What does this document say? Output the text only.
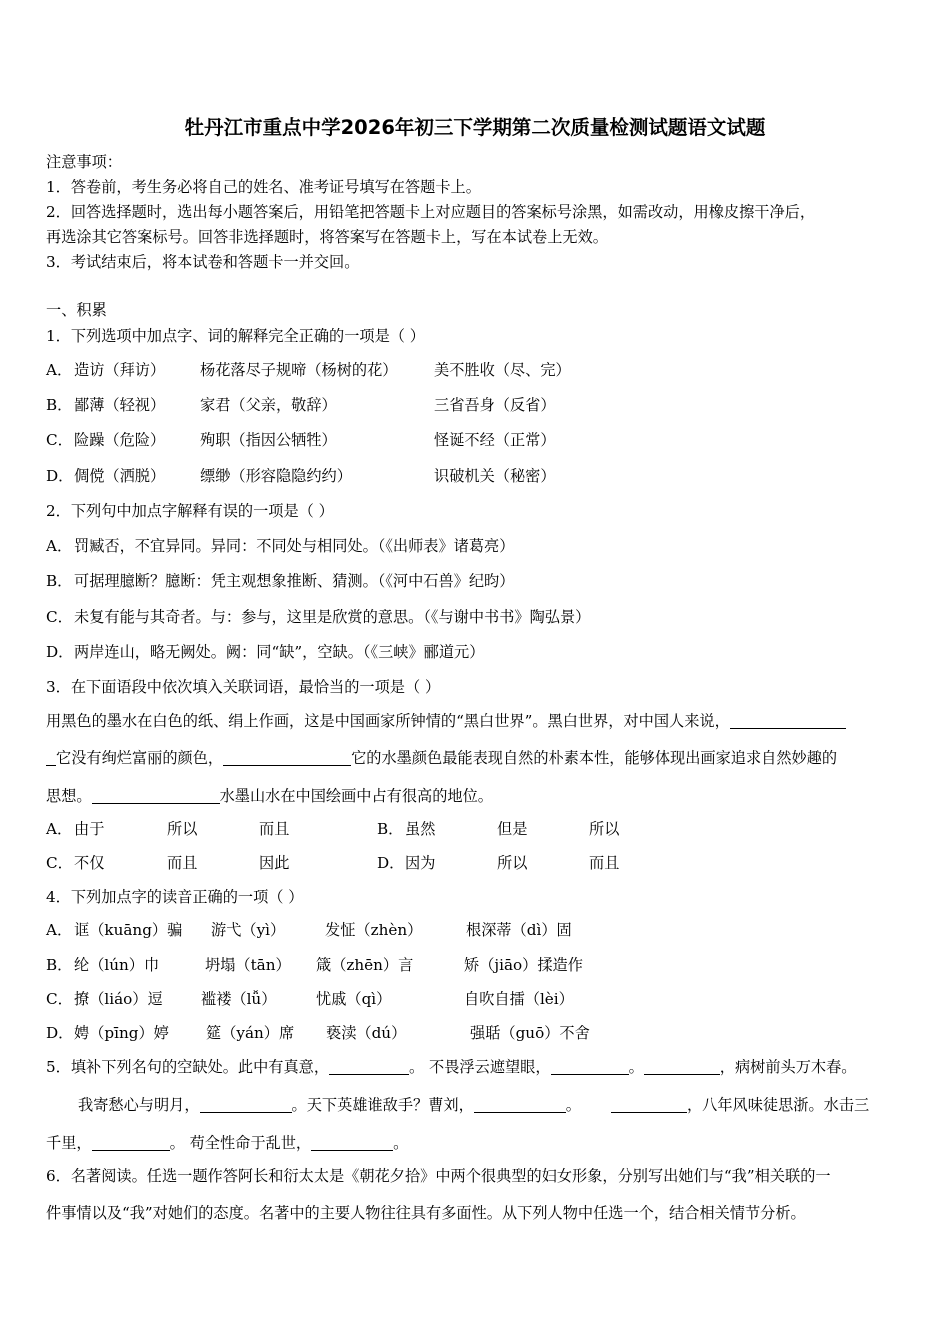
牡丹江市重点中学2026年初三下学期第二次质量检测试题语文试题
注意事项：
1．答卷前，考生务必将自己的姓名、准考证号填写在答题卡上。
2．回答选择题时，选出每小题答案后，用铅笔把答题卡上对应题目的答案标号涂黑，如需改动，用橡皮擦干净后，
再选涂其它答案标号。回答非选择题时，将答案写在答题卡上，写在本试卷上无效。
3．考试结束后，将本试卷和答题卡一并交回。
一、积累
1．下列选项中加点字、词的解释完全正确的一项是（ ）
A． 造访（拜访） 杨花落尽子规啼（杨树的花） 美不胜收（尽、完）
B． 鄙薄（轻视） 家君（父亲，敬辞）	三省吾身（反省）
C． 险躁（危险） 殉职（指因公牺牲）	怪诞不经（正常）
D． 倜傥（洒脱） 缥缈（形容隐隐约约）	识破机关（秘密）
2．下列句中加点字解释有误的一项是（ ）
A． 罚臧否，不宜异同。异同：不同处与相同处。（《出师表》诸葛亮）
B． 可据理臆断？臆断：凭主观想象推断、猜测。（《河中石兽》纪昀）
C． 未复有能与其奇者。与：参与，这里是欣赏的意思。（《与谢中书书》陶弘景）
D． 两岸连山，略无阙处。阙：同“缺”，空缺。（《三峡》郦道元）
3．在下面语段中依次填入关联词语，最恰当的一项是（ ）
用黑色的墨水在白色的纸、绢上作画，这是中国画家所钟情的“黑白世界”。黑白世界，对中国人来说，
它没有绚烂富丽的颜色，	它的水墨颜色最能表现自然的朴素本性，能够体现出画家追求自然妙趣的
思想。	水墨山水在中国绘画中占有很高的地位。
A． 由于	所以	而且	B． 虽然	但是	所以
C． 不仅	而且	因此	D． 因为	所以	而且
4．下列加点字的读音正确的一项（ ）
A． 诓（kuāng）骗 游弋（yì）	发怔（zhèn）	根深蒂（dì）固
B． 纶（lún）巾	坍塌（tān） 箴（zhēn）言	矫（jiāo）揉造作
C． 撩（liáo）逗	褴褛（lǚ）	忧戚（qì）	自吹自擂（lèi）
D． 娉（pīng）婷 筵（yán）席 亵渎（dú）	强聒（guō）不舍
5．填补下列名句的空缺处。此中有真意，	。 不畏浮云遮望眼，	。	，病树前头万木春。
我寄愁心与明月，	。天下英雄谁敌手？曹刘，	。	，八年风味徒思浙。水击三
千里，	。 苟全性命于乱世，	。
6．名著阅读。任选一题作答阿长和衍太太是《朝花夕拾》中两个很典型的妇女形象，分别写出她们与“我”相关联的一
件事情以及“我”对她们的态度。名著中的主要人物往往具有多面性。从下列人物中任选一个，结合相关情节分析。
